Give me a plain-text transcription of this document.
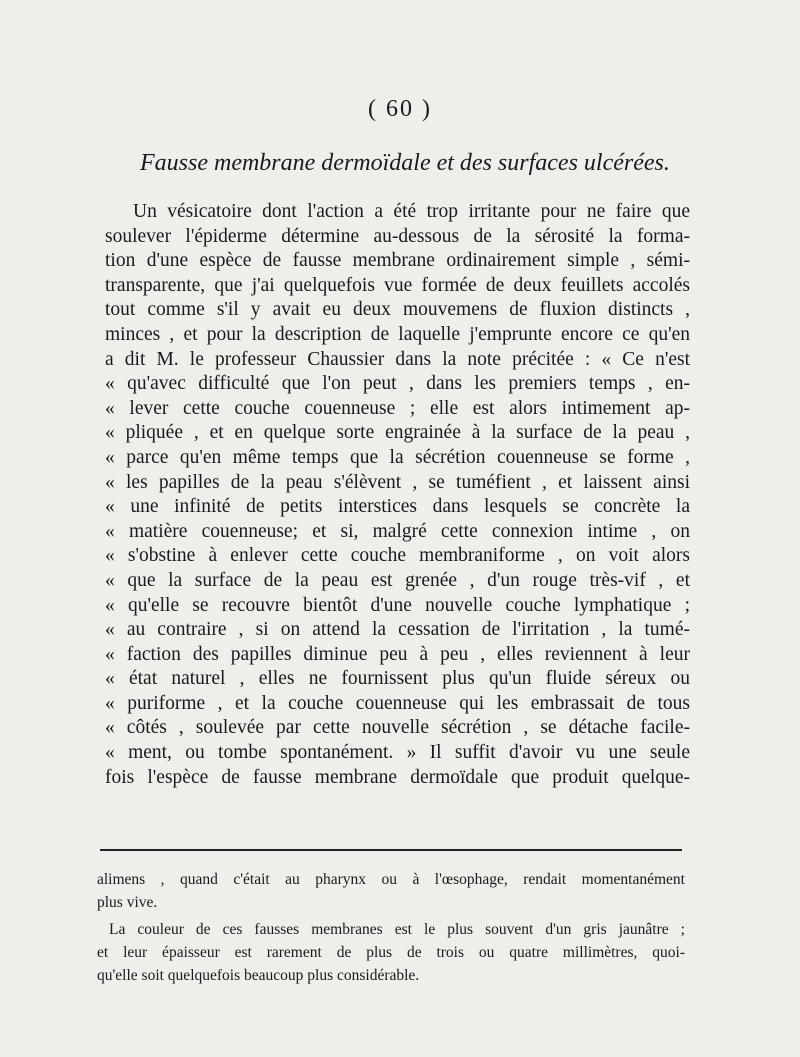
( 60 )
Fausse membrane dermoïdale et des surfaces ulcérées.
Un vésicatoire dont l'action a été trop irritante pour ne faire que
soulever l'épiderme détermine au-dessous de la sérosité la forma-
tion d'une espèce de fausse membrane ordinairement simple , sémi-
transparente, que j'ai quelquefois vue formée de deux feuillets accolés
tout comme s'il y avait eu deux mouvemens de fluxion distincts ,
minces , et pour la description de laquelle j'emprunte encore ce qu'en
a dit M. le professeur Chaussier dans la note précitée : « Ce n'est
« qu'avec difficulté que l'on peut , dans les premiers temps , en-
« lever cette couche couenneuse ; elle est alors intimement ap-
« pliquée , et en quelque sorte engrainée à la surface de la peau ,
« parce qu'en même temps que la sécrétion couenneuse se forme ,
« les papilles de la peau s'élèvent , se tuméfient , et laissent ainsi
« une infinité de petits interstices dans lesquels se concrète la
« matière couenneuse; et si, malgré cette connexion intime , on
« s'obstine à enlever cette couche membraniforme , on voit alors
« que la surface de la peau est grenée , d'un rouge très-vif , et
« qu'elle se recouvre bientôt d'une nouvelle couche lymphatique ;
« au contraire , si on attend la cessation de l'irritation , la tumé-
« faction des papilles diminue peu à peu , elles reviennent à leur
« état naturel , elles ne fournissent plus qu'un fluide séreux ou
« puriforme , et la couche couenneuse qui les embrassait de tous
« côtés , soulevée par cette nouvelle sécrétion , se détache facile-
« ment, ou tombe spontanément. » Il suffit d'avoir vu une seule
fois l'espèce de fausse membrane dermoïdale que produit quelque-
alimens , quand c'était au pharynx ou à l'œsophage, rendait momentanément
plus vive.
La couleur de ces fausses membranes est le plus souvent d'un gris jaunâtre ;
et leur épaisseur est rarement de plus de trois ou quatre millimètres, quoi-
qu'elle soit quelquefois beaucoup plus considérable.
